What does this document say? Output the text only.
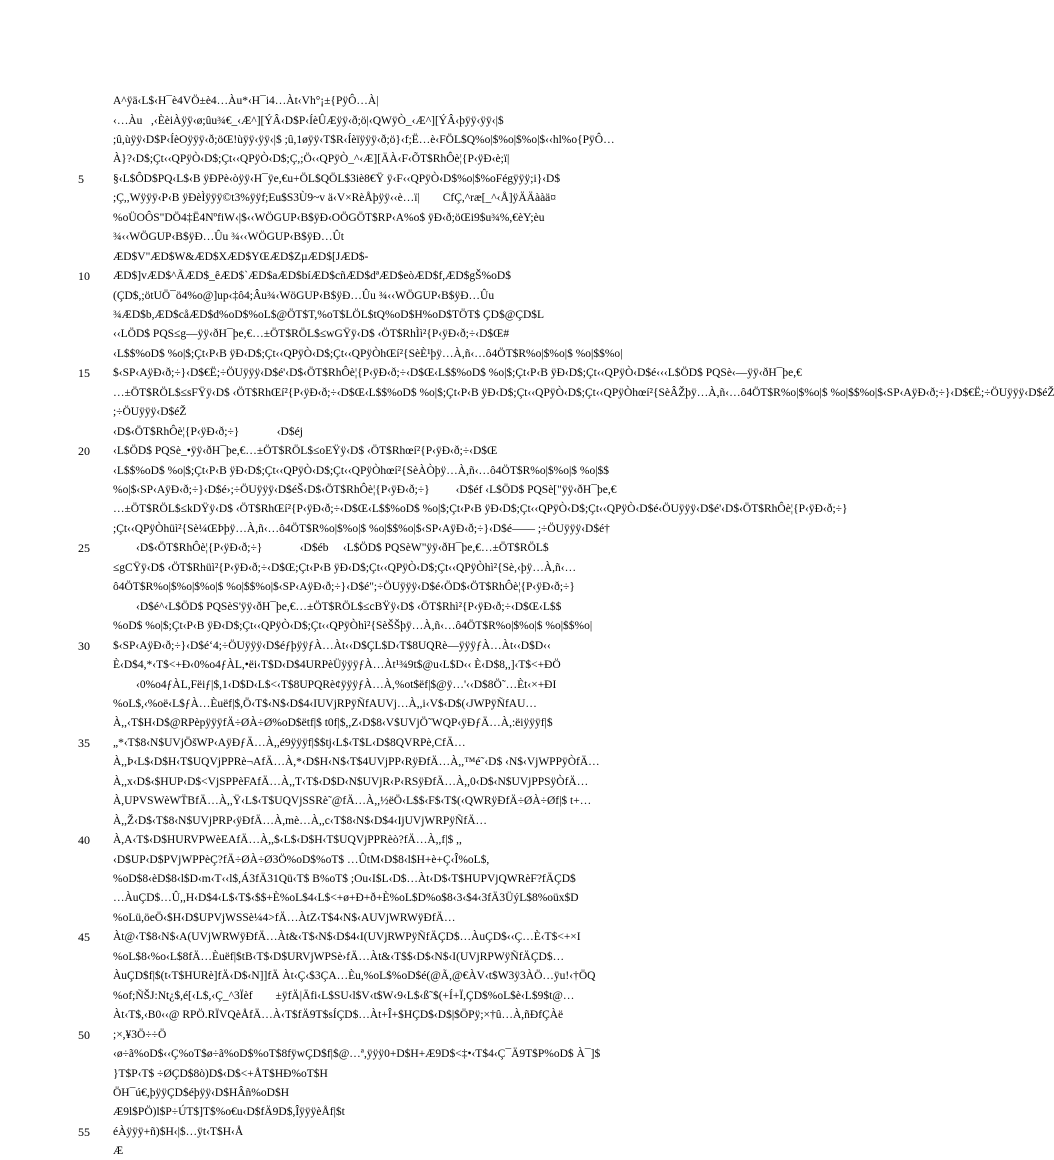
A^ÿä‹L$‹H¯è4VÖ±è4…Àu*‹H¯i4…Àt‹Vh°¡±{PÿÔ…À|
‹…Àu   ,‹ÈèiÀÿÿ‹ø;ûu¾€_‹Æ^][ÝÂ‹D$P‹ÍèÛÆÿÿ‹ð;ö|‹QWÿÒ_‹Æ^][ÝÂ‹þÿÿ‹ÿÿ‹|$
;û,ùÿÿ‹D$P‹ÍèOÿÿÿ‹ð;öŒ!ùÿÿ‹ÿÿ‹|$ ;û,1øÿÿ‹T$R‹Íèïÿÿÿ‹ð;ö}‹f;Ë…è‹FÖL$Q%o|$%o|$%o|$‹‹hl%o{PÿÔ…
À}?‹D$;Çt‹‹QPÿÒ‹D$;Çt‹‹QPÿÒ‹D$;Ç,;Ö‹‹QPÿÒ_^‹Æ][ÄÀ‹F‹ÕT$RhÔè¦{P‹ÿÐ‹è;ï|
5	§‹L$ÔD$PQ‹L$‹B ÿÐPè‹òÿÿ‹H¯ÿe,€u+ÖL$QÖL$3iè8€Ÿ ÿ‹F‹‹QPÿÒ‹D$%o|$%oFégÿÿÿ;i}‹D$
;Ç,,Wÿÿÿ‹P‹B ÿÐèÌÿÿÿ©t3%ÿÿf;Eu$S3Ù9~v ä‹V×RèÅþÿÿ‹‹è…ï|        CfÇ,^ræ[_^‹Å]ÿÄÄààä¤
%oÜOÔS"DÖ4‡Ë4NºfiW‹|$‹‹WÖGUP‹B$ÿÐ‹OÖGÖT$RP‹A%o$ ÿÐ‹ð;öŒi9$u¾%,€èY;èu
¾‹‹WÖGUP‹B$ÿÐ…Ûu ¾‹‹WÖGUP‹B$ÿÐ…Ût
ÆD$V"ÆD$W&ÆD$XÆD$YŒÆD$ZµÆD$[JÆD$-
10	ÆD$]vÆD$^ÃÆD$_êÆD$`ÆD$aÆD$bíÆD$cñÆD$dªÆD$eòÆD$f,ÆD$gŠ%oD$
(ÇD$,;ötUÖ¯ö4%o@]up‹‡ô4;Âu¾‹WöGUP‹B$ÿÐ…Ûu ¾‹‹WÖGUP‹B$ÿÐ…Ûu
¾ÆD$b,ÆD$cåÆD$d%oD$%oL$@ÖT$T,%oT$LÖL$tQ%oD$H%oD$TÖT$ ÇD$@ÇD$L
‹‹LÖD$ PQS≤g—ÿÿ‹ðH¯þe,€…±ÖT$RÖL$≤wGŸÿ‹D$ ‹ÖT$RhÌì²{P‹ÿÐ‹ð;÷‹D$Œ#
‹L$$%oD$ %o|$;Çt‹P‹B ÿÐ‹D$;Çt‹‹QPÿÒ‹D$;Çt‹‹QPÿÒhŒí²{SèÈ¹þÿ…À,ñ‹…ô4ÖT$R%o|$%o|$ %o|$$%o|
15	$‹SP‹AÿÐ‹ð;÷}‹D$€Ë;÷ÖUÿÿÿ‹D$é'‹D$‹ÖT$RhÔè¦{P‹ÿÐ‹ð;÷‹D$Œ‹L$$%oD$ %o|$;Çt‹P‹B ÿÐ‹D$;Çt‹‹QPÿÒ‹D$é‹‹‹L$ÖD$ PQSè‹—ÿÿ‹ðH¯þe,€
…±ÖT$RÖL$≤sFŸÿ‹D$ ‹ÖT$RhŒí²{P‹ÿÐ‹ð;÷‹D$Œ‹L$$%oD$ %o|$;Çt‹P‹B ÿÐ‹D$;Çt‹‹QPÿÒ‹D$;Çt‹‹QPÿÒhœí²{SèÂŽþÿ…À,ñ‹…ô4ÖT$R%o|$%o|$ %o|$$%o|$‹SP‹AÿÐ‹ð;÷}‹D$€Ë;÷ÖUÿÿÿ‹D$éŽ
;÷ÖUÿÿÿ‹D$éŽ
‹D$‹ÖT$RhÔè¦{P‹ÿÐ‹ð;÷}             ‹D$éj
20	‹L$ÖD$ PQSè_•ÿÿ‹ðH¯þe,€…±ÖT$RÖL$≤oEŸÿ‹D$ ‹ÖT$Rhœí²{P‹ÿÐ‹ð;÷‹D$Œ
‹L$$%oD$ %o|$;Çt‹P‹B ÿÐ‹D$;Çt‹‹QPÿÒ‹D$;Çt‹‹QPÿÒhœí²{SèÀÒþÿ…À,ñ‹…ô4ÖT$R%o|$%o|$ %o|$$
%o|$‹SP‹AÿÐ‹ð;÷}‹D$é›;÷ÖUÿÿÿ‹D$éŠ‹D$‹ÖT$RhÔè¦{P‹ÿÐ‹ð;÷}         ‹D$éf ‹L$ÖD$ PQSè["ÿÿ‹ðH¯þe,€
…±ÖT$RÖL$≤kDŸÿ‹D$ ‹ÖT$RhŒí²{P‹ÿÐ‹ð;÷‹D$Œ‹L$$%oD$ %o|$;Çt‹P‹B ÿÐ‹D$;Çt‹‹QPÿÒ‹D$;Çt‹‹QPÿÒ‹D$é‹ÖUÿÿÿ‹D$é'‹D$‹ÖT$RhÔè¦{P‹ÿÐ‹ð;÷}
;Çt‹‹QPÿÒhüì²{Sè¼ŒÞþÿ…À,ñ‹…ô4ÖT$R%o|$%o|$ %o|$$%o|$‹SP‹AÿÐ‹ð;÷}‹D$é—— ;÷ÖUÿÿÿ‹D$é†
25	‹D$‹ÖT$RhÔè¦{P‹ÿÐ‹ð;÷}             ‹D$éb     ‹L$ÖD$ PQSèW"ÿÿ‹ðH¯þe,€…±ÖT$RÖL$
≤gCŸÿ‹D$ ‹ÖT$Rhüì²{P‹ÿÐ‹ð;÷‹D$Œ;Çt‹P‹B ÿÐ‹D$;Çt‹‹QPÿÒ‹D$;Çt‹‹QPÿÒhì²{Sè,‹þÿ…À,ñ‹…
ô4ÖT$R%o|$%o|$%o|$ %o|$$%o|$‹SP‹AÿÐ‹ð;÷}‹D$é";÷ÖUÿÿÿ‹D$é‹ÖD$‹ÖT$RhÔè¦{P‹ÿÐ‹ð;÷}
‹D$é^‹L$ÖD$ PQSèS'ÿÿ‹ðH¯þe,€…±ÖT$RÖL$≤cBŸÿ‹D$ ‹ÖT$Rhì²{P‹ÿÐ‹ð;÷‹D$Œ‹L$$
%oD$ %o|$;Çt‹P‹B ÿÐ‹D$;Çt‹‹QPÿÒ‹D$;Çt‹‹QPÿÒhì²{SèŠŠþÿ…À,ñ‹…ô4ÖT$R%o|$%o|$ %o|$$%o|
30	$‹SP‹AÿÐ‹ð;÷}‹D$é‘4;÷ÖUÿÿÿ‹D$éƒþÿÿƒÀ…Àt‹‹D$ÇL$D‹T$8UQRè—ÿÿÿƒÀ…Àt‹‹D$D‹‹
È‹D$4,*‹T$<+Ð‹0%o4ƒÀL,•ëi‹T$D‹D$4URPèÜÿÿÿƒÀ…Àt¹¾9t$@u‹L$D‹‹ È‹D$8,,]‹T$<+ÐÖ
‹0%o4ƒÀL,Fëiƒ|$,1‹D$D‹L$<‹T$8UPQRè¢ÿÿÿƒÀ…À,%ot$ëf|$@ÿ…'‹‹D$8Ö˜…Èt‹×+ÐI
%oL$,‹%oë‹L$ƒÀ…Èuëf|$,Ö‹T$‹N$‹D$4‹IUVjRPÿÑfAUVj…À,,i‹V$‹D$(‹JWPÿÑfAU…
À,,‹T$H‹D$@RPèpÿÿÿfÄ÷ØÀ÷Ø%oD$ëtf|$ t0f|$,,Z‹D$8‹V$UVjÖ˜WQP‹ÿÐƒÄ…À,:ëiÿÿÿf|$
35	„*‹T$8‹N$UVjÖšWP‹AÿÐƒÄ…À,,é9ÿÿÿf|$$tj‹L$‹T$L‹D$8QVRPè,CfÄ…
À,,Þ‹L$‹D$H‹T$UQVjPPRè¬AfÄ…À,*‹D$H‹N$‹T$4UVjPP‹RÿÐfÄ…À,,™é˜‹D$ ‹N$‹VjWPPÿÒfÄ…
À,,x‹D$‹$HUP‹D$<VjSPPèFAfÄ…À,,T‹T$‹D$D‹N$UVjR‹P‹RSÿÐfÄ…À,,0‹D$‹N$UVjPPSÿÒfÄ…
À,UPVSWèWT̈BfÄ…À,,Ÿ‹L$‹T$UQVjSSRè˜@fÄ…À,,½ëÖ‹L$$‹F$‹T$(‹QWRÿÐfÄ÷ØÀ÷Øf|$ t+…
À,,Ž‹D$‹T$8‹N$UVjPRP‹ÿÐfÄ…À,mè…À,,c‹T$8‹N$‹D$4‹IjUVjWRPÿÑfÄ…
40	À,A‹T$‹D$HURVPWèEAfÄ…À,,$‹L$‹D$H‹T$UQVjPPRèò?fÄ…À,,f|$ ,,
‹D$UP‹D$PVjWPPèÇ?fÄ÷ØÀ÷Ø3Ö%oD$%oT$ …ÛtM‹D$8‹l$H+è+Ç‹Î%oL$,
%oD$8‹èD$8‹l$D‹m‹T‹‹l$,Á3fÄ31Qü‹T$ B%oT$ ;Ou‹I$L‹D$…Àt‹D$‹T$HUPVjQWRèF?fÄÇD$
…ÀuÇD$…Û,,H‹D$4‹L$‹T$‹$$+È%oL$4‹L$<+ø+Ð+ð+È%oL$D%o$8‹3‹$4‹3fÄ3ÜýL$8%oüx$D
%oLü,öeÖ‹$H‹D$UPVjWSSè¼4>fÄ…ÀtZ‹T$4‹N$‹AUVjWRWÿÐfÄ…
45	Àt@‹T$8‹N$‹A(UVjWRWÿÐfÄ…Àt&‹T$‹N$‹D$4‹I(UVjRWPÿÑfÄÇD$…ÀuÇD$‹‹Ç…È‹T$<+×I
%oL$8‹%o‹L$8fÄ…Èuëf|$tB‹T$‹D$URVjWPSè›fÄ…Àt&‹T$$‹D$‹N$‹I(UVjRPWÿÑfÄÇD$…
ÀuÇD$f|$(t‹T$HURè]fÄ‹D$‹N]]fÄ Àt‹Ç‹$3ÇA…Èu,%oL$%oD$é(@Ã,@€ÀV‹t$W3ÿ3ÀÖ…ÿu!‹†ÖQ
%of;ÑŠJ:Nt¿$,é[‹L$,‹Ç_^3Ïèf        ±ÿfÄ|Äfi‹L$SU‹l$V‹t$W‹9‹L$‹ß˜$(+Í+Ï,ÇD$%oL$è‹L$9$t@…
Àt‹T$,‹B0‹‹@ RPÖ.RÏVQèÅfÄ…À‹T$fÄ9T$sÍÇD$…Àt+Î+$HÇD$‹D$|$ÖPÿ;×†û…À,ñÐfÇÀë
50	;×,¥3Ö÷÷Ö
‹ø÷ã%oD$‹‹Ç%oT$ø÷ã%oD$%oT$8fÿwÇD$f|$@…ª,ÿÿÿ0+D$H+Æ9D$<‡•‹T$4‹Ç¯Ä9T$P%oD$ À¯]$
}T$P‹T$ ÷ØÇD$8ò)D$‹D$<+ÅT$HÐ%oT$H
ÖH¯ú€,þÿÿÇD$éþÿÿ‹D$HÂñ%oD$H
Æ9l$PÖ)l$P÷ÚT$]T$%o€u‹D$fÄ9D$,ÎÿÿÿèÅf|$t
55	éÀÿÿÿ+ñ)$H‹|$…ÿt‹T$H‹Å
Æ
